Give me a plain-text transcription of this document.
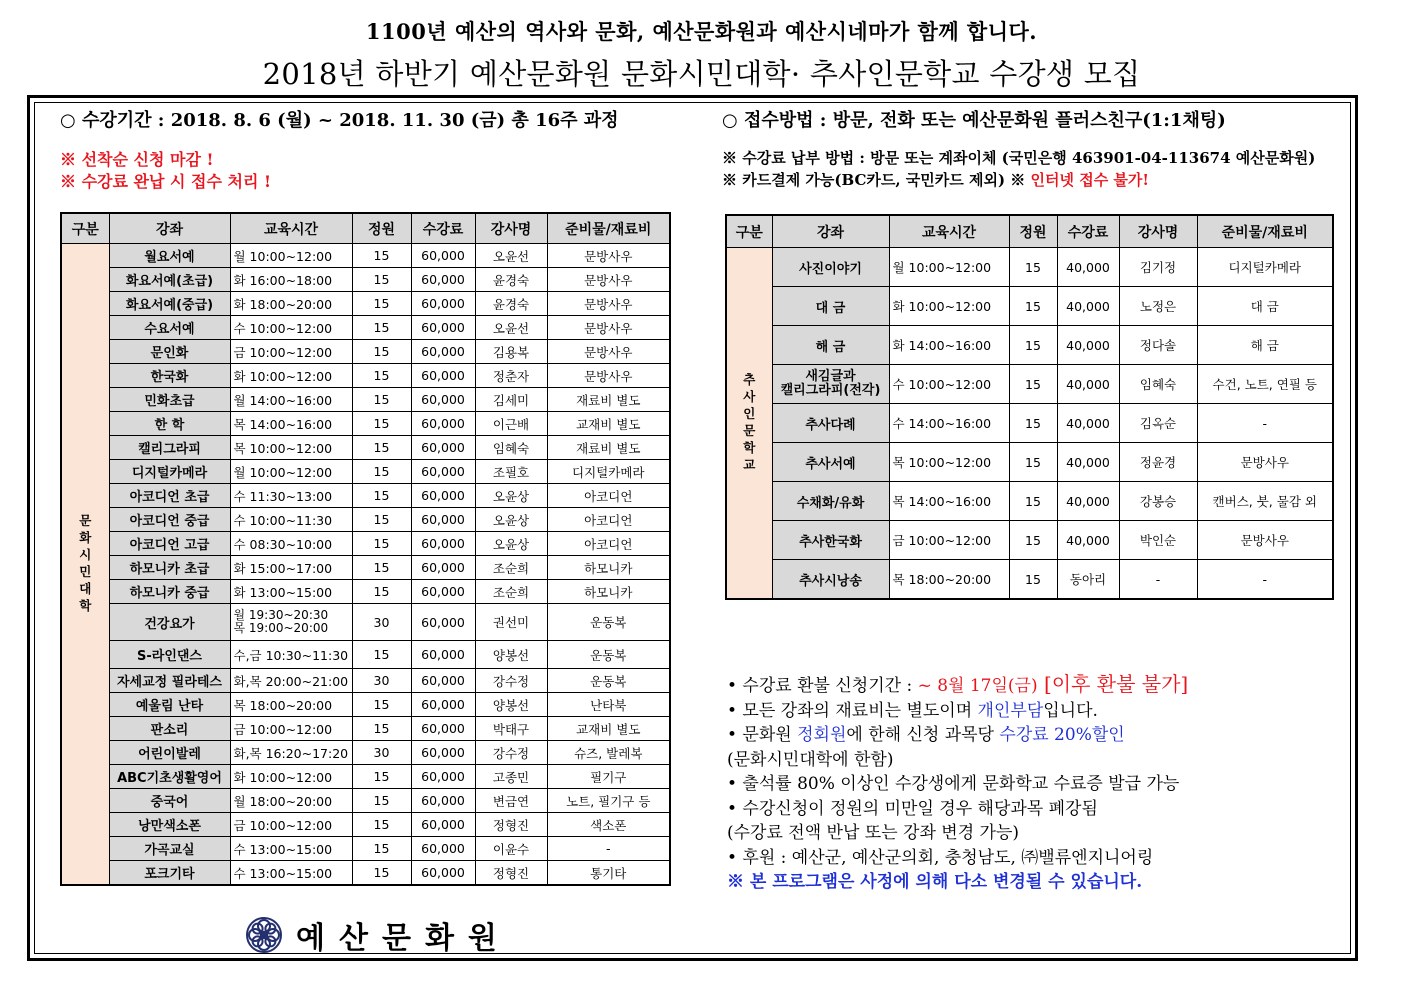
1100년 예산의 역사와 문화, 예산문화원과 예산시네마가 함께 합니다.
2018년 하반기 예산문화원 문화시민대학· 추사인문학교 수강생 모집
○ 수강기간 : 2018. 8. 6 (월) ~ 2018. 11. 30 (금) 총 16주 과정	○ 접수방법 : 방문, 전화 또는 예산문화원 플러스친구(1:1채팅)
※ 선착순 신청 마감 !
※ 수강료 완납 시 접수 처리 !
※ 수강료 납부 방법 : 방문 또는 계좌이체 (국민은행 463901-04-113674 예산문화원)
※ 카드결제 가능(BC카드, 국민카드 제외) ※ 인터넷 접수 불가!
구분	강좌	교육시간	정원	수강료	강사명	준비물/재료비

문화시민대학	월요서예	월 10:00~12:00	15	60,000	오윤선	문방사우
	화요서예(초급)	화 16:00~18:00	15	60,000	윤경숙	문방사우
	화요서예(중급)	화 18:00~20:00	15	60,000	윤경숙	문방사우
	수요서예	수 10:00~12:00	15	60,000	오윤선	문방사우
	문인화	금 10:00~12:00	15	60,000	김용복	문방사우
	한국화	화 10:00~12:00	15	60,000	정춘자	문방사우
	민화초급	월 14:00~16:00	15	60,000	김세미	재료비 별도
	한 학	목 14:00~16:00	15	60,000	이근배	교재비 별도
	캘리그라피	목 10:00~12:00	15	60,000	임혜숙	재료비 별도
	디지털카메라	월 10:00~12:00	15	60,000	조필호	디지털카메라
	아코디언 초급	수 11:30~13:00	15	60,000	오윤상	아코디언
	아코디언 중급	수 10:00~11:30	15	60,000	오윤상	아코디언
	아코디언 고급	수 08:30~10:00	15	60,000	오윤상	아코디언
	하모니카 초급	화 15:00~17:00	15	60,000	조순희	하모니카
	하모니카 중급	화 13:00~15:00	15	60,000	조순희	하모니카
	건강요가	월 19:30~20:30
목 19:00~20:00	30	60,000	권선미	운동복
	S-라인댄스	수,금 10:30~11:30	15	60,000	양봉선	운동복
	자세교정 필라테스	화,목 20:00~21:00	30	60,000	강수정	운동복
	예울림 난타	목 18:00~20:00	15	60,000	양봉선	난타북
	판소리	금 10:00~12:00	15	60,000	박태구	교재비 별도
	어린이발레	화,목 16:20~17:20	30	60,000	강수정	슈즈, 발레복
	ABC기초생활영어	화 10:00~12:00	15	60,000	고종민	필기구
	중국어	월 18:00~20:00	15	60,000	변금연	노트, 필기구 등
	낭만색소폰	금 10:00~12:00	15	60,000	정형진	색소폰
	가곡교실	수 13:00~15:00	15	60,000	이윤수	-
	포크기타	수 13:00~15:00	15	60,000	정형진	통기타
구분	강좌	교육시간	정원	수강료	강사명	준비물/재료비

추사인문학교	사진이야기	월 10:00~12:00	15	40,000	김기정	디지털카메라
	대 금	화 10:00~12:00	15	40,000	노정은	대 금
	해 금	화 14:00~16:00	15	40,000	정다솔	해 금
	새김글과
캘리그라피(전각)	수 10:00~12:00	15	40,000	임혜숙	수건, 노트, 연필 등
	추사다례	수 14:00~16:00	15	40,000	김옥순	-
	추사서예	목 10:00~12:00	15	40,000	정윤경	문방사우
	수채화/유화	목 14:00~16:00	15	40,000	강봉승	캔버스, 붓, 물감 외
	추사한국화	금 10:00~12:00	15	40,000	박인순	문방사우
	추사시낭송	목 18:00~20:00	15	동아리	-	-
• 수강료 환불 신청기간 : ~ 8월 17일(금) [이후 환불 불가]
• 모든 강좌의 재료비는 별도이며 개인부담입니다.
• 문화원 정회원에 한해 신청 과목당 수강료 20%할인
(문화시민대학에 한함)
• 출석률 80% 이상인 수강생에게 문화학교 수료증 발급 가능
• 수강신청이 정원의 미만일 경우 해당과목 폐강됨
(수강료 전액 반납 또는 강좌 변경 가능)
• 후원 : 예산군, 예산군의회, 충청남도, ㈜밸류엔지니어링
※ 본 프로그램은 사정에 의해 다소 변경될 수 있습니다.
예산문화원
